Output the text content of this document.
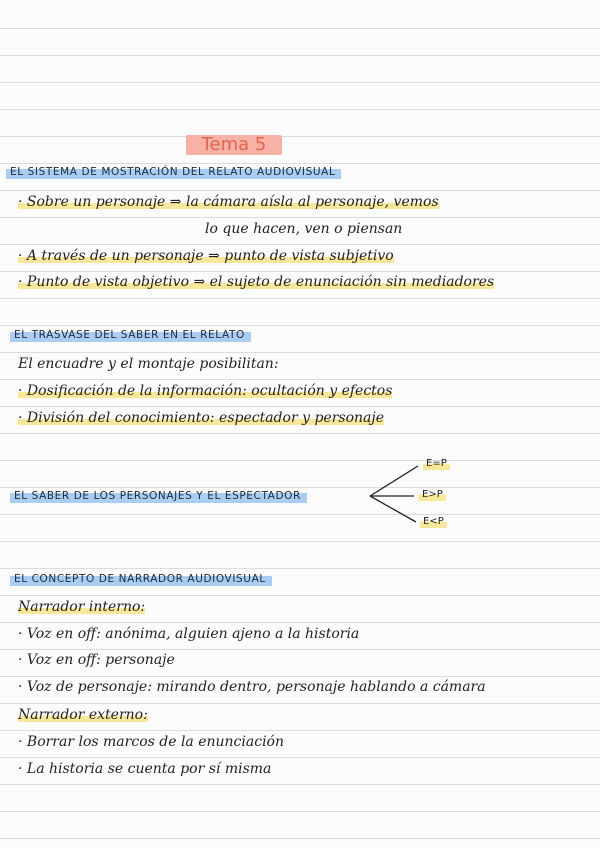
Tema 5
EL SISTEMA DE MOSTRACIÓN DEL RELATO AUDIOVISUAL
· Sobre un personaje ⇒ la cámara aísla al personaje, vemos
lo que hacen, ven o piensan
· A través de un personaje ⇒ punto de vista subjetivo
· Punto de vista objetivo ⇒ el sujeto de enunciación sin mediadores
EL TRASVASE DEL SABER EN EL RELATO
El encuadre y el montaje posibilitan:
· Dosificación de la información: ocultación y efectos
· División del conocimiento: espectador y personaje
EL SABER DE LOS PERSONAJES Y EL ESPECTADOR
E=P
E>P
E<P
EL CONCEPTO DE NARRADOR AUDIOVISUAL
Narrador interno:
· Voz en off: anónima, alguien ajeno a la historia
· Voz en off: personaje
· Voz de personaje: mirando dentro, personaje hablando a cámara
Narrador externo:
· Borrar los marcos de la enunciación
· La historia se cuenta por sí misma
